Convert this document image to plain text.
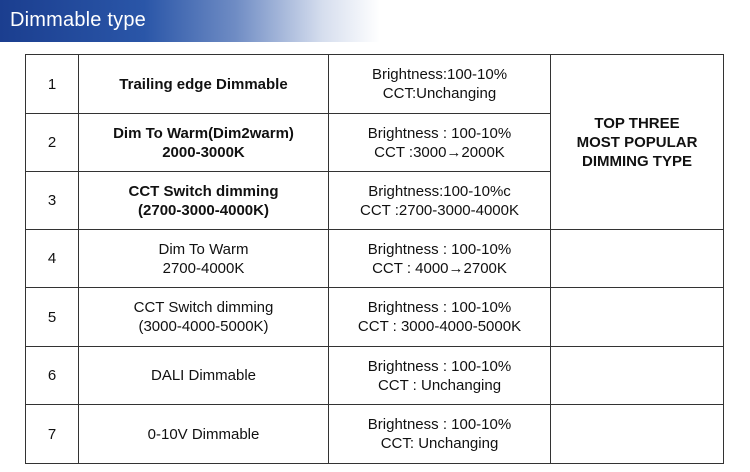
Dimmable type
1	Trailing edge Dimmable	Brightness:100-10%
CCT:Unchanging	TOP THREE
MOST POPULAR
DIMMING TYPE

2	Dim To Warm(Dim2warm)
2000-3000K	Brightness : 100-10%
CCT :3000→2000K	

3	CCT Switch dimming
(2700-3000-4000K)	Brightness:100-10%c
CCT :2700-3000-4000K	

4	Dim To Warm
2700-4000K	Brightness : 100-10%
CCT : 4000→2700K	

5	CCT Switch dimming
(3000-4000-5000K)	Brightness : 100-10%
CCT : 3000-4000-5000K	

6	DALI Dimmable	Brightness : 100-10%
CCT : Unchanging	

7	0-10V Dimmable	Brightness : 100-10%
CCT: Unchanging	
